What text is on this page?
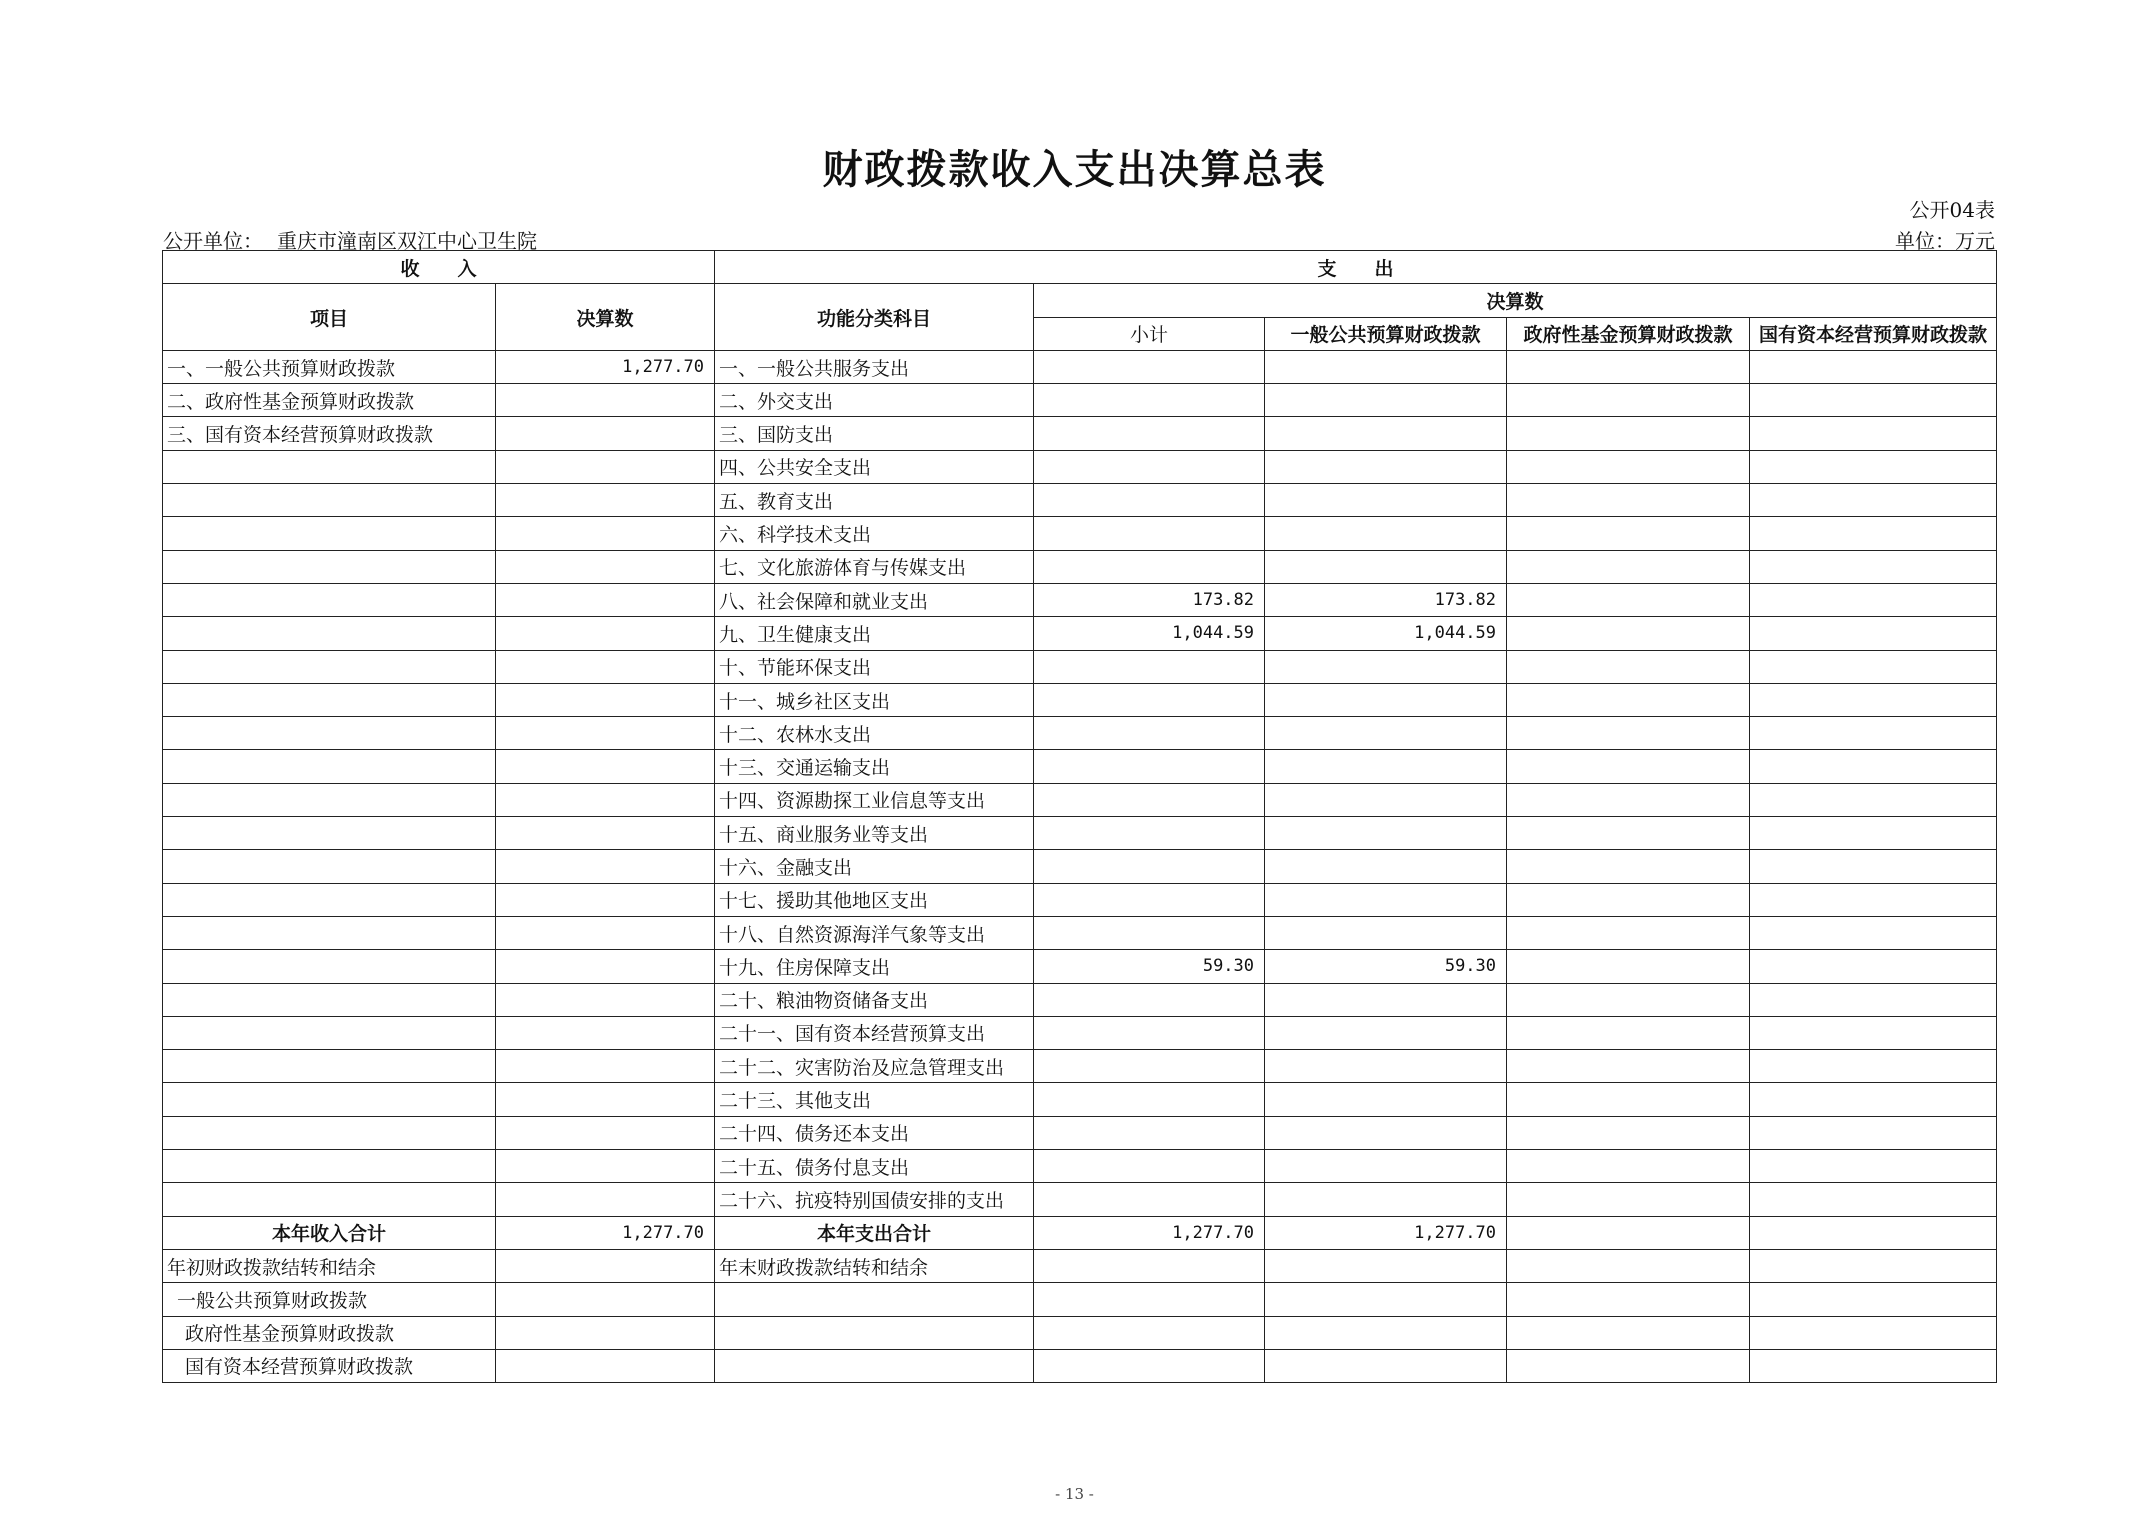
财政拨款收入支出决算总表
公开04表
公开单位： 重庆市潼南区双江中心卫生院	单位：万元
收　　入		支　　出				
项目	决算数	功能分类科目	决算数			
			小计	一般公共预算财政拨款	政府性基金预算财政拨款	国有资本经营预算财政拨款
一、一般公共预算财政拨款	1,277.70	一、一般公共服务支出				
二、政府性基金预算财政拨款		二、外交支出				
三、国有资本经营预算财政拨款		三、国防支出				
		四、公共安全支出				
		五、教育支出				
		六、科学技术支出				
		七、文化旅游体育与传媒支出				
		八、社会保障和就业支出	173.82	173.82		
		九、卫生健康支出	1,044.59	1,044.59		
		十、节能环保支出				
		十一、城乡社区支出				
		十二、农林水支出				
		十三、交通运输支出				
		十四、资源勘探工业信息等支出				
		十五、商业服务业等支出				
		十六、金融支出				
		十七、援助其他地区支出				
		十八、自然资源海洋气象等支出				
		十九、住房保障支出	59.30	59.30		
		二十、粮油物资储备支出				
		二十一、国有资本经营预算支出				
		二十二、灾害防治及应急管理支出				
		二十三、其他支出				
		二十四、债务还本支出				
		二十五、债务付息支出				
		二十六、抗疫特别国债安排的支出				
本年收入合计	1,277.70	本年支出合计	1,277.70	1,277.70		
年初财政拨款结转和结余		年末财政拨款结转和结余				
一般公共预算财政拨款						
政府性基金预算财政拨款						
国有资本经营预算财政拨款						
- 13 -
